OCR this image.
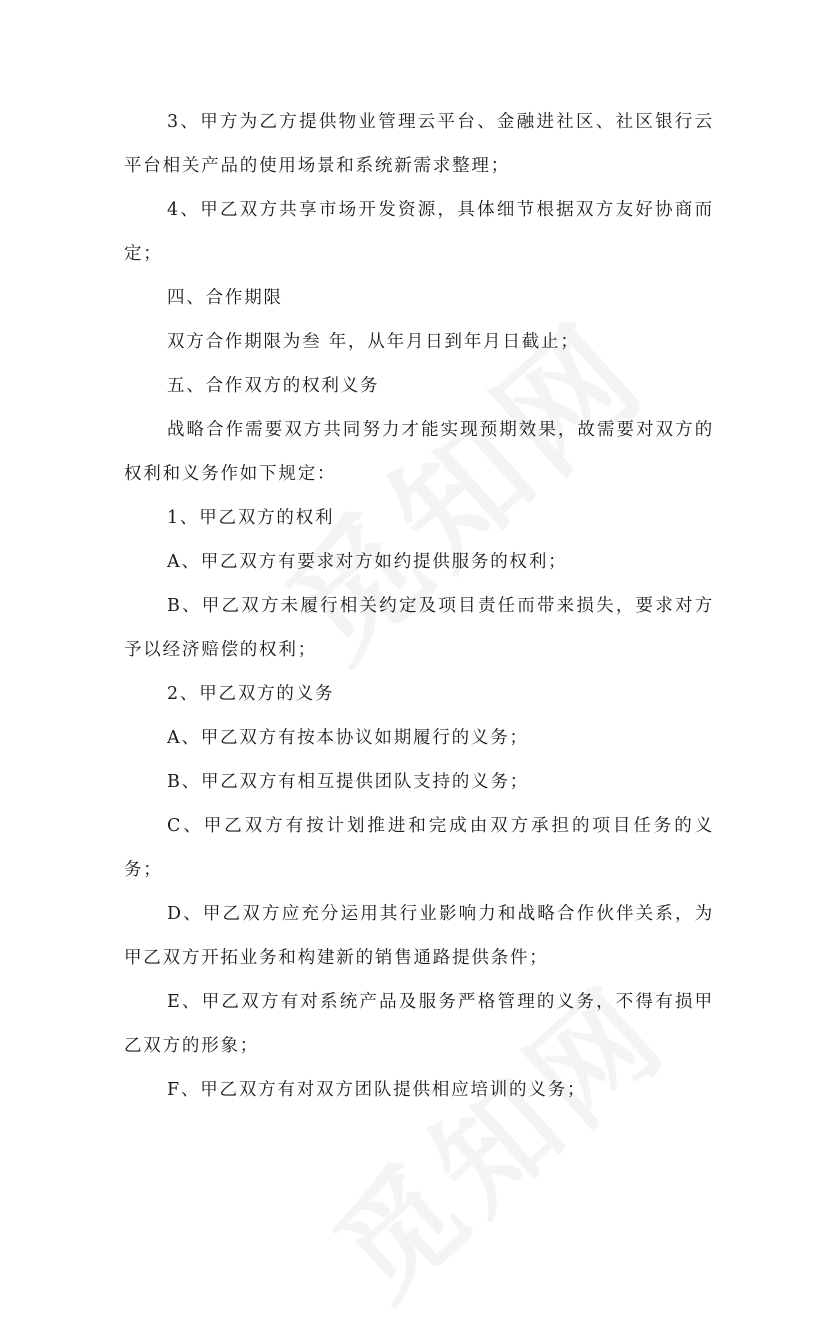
3、甲方为乙方提供物业管理云平台、金融进社区、社区银行云平台相关产品的使用场景和系统新需求整理；

4、甲乙双方共享市场开发资源，具体细节根据双方友好协商而定；

四、合作期限

双方合作期限为叁 年，从年月日到年月日截止；

五、合作双方的权利义务

战略合作需要双方共同努力才能实现预期效果，故需要对双方的权利和义务作如下规定：

1、甲乙双方的权利

A、甲乙双方有要求对方如约提供服务的权利；

B、甲乙双方未履行相关约定及项目责任而带来损失，要求对方予以经济赔偿的权利；

2、甲乙双方的义务

A、甲乙双方有按本协议如期履行的义务；

B、甲乙双方有相互提供团队支持的义务；

C、甲乙双方有按计划推进和完成由双方承担的项目任务的义务；

D、甲乙双方应充分运用其行业影响力和战略合作伙伴关系，为甲乙双方开拓业务和构建新的销售通路提供条件；

E、甲乙双方有对系统产品及服务严格管理的义务，不得有损甲乙双方的形象；

F、甲乙双方有对双方团队提供相应培训的义务；
